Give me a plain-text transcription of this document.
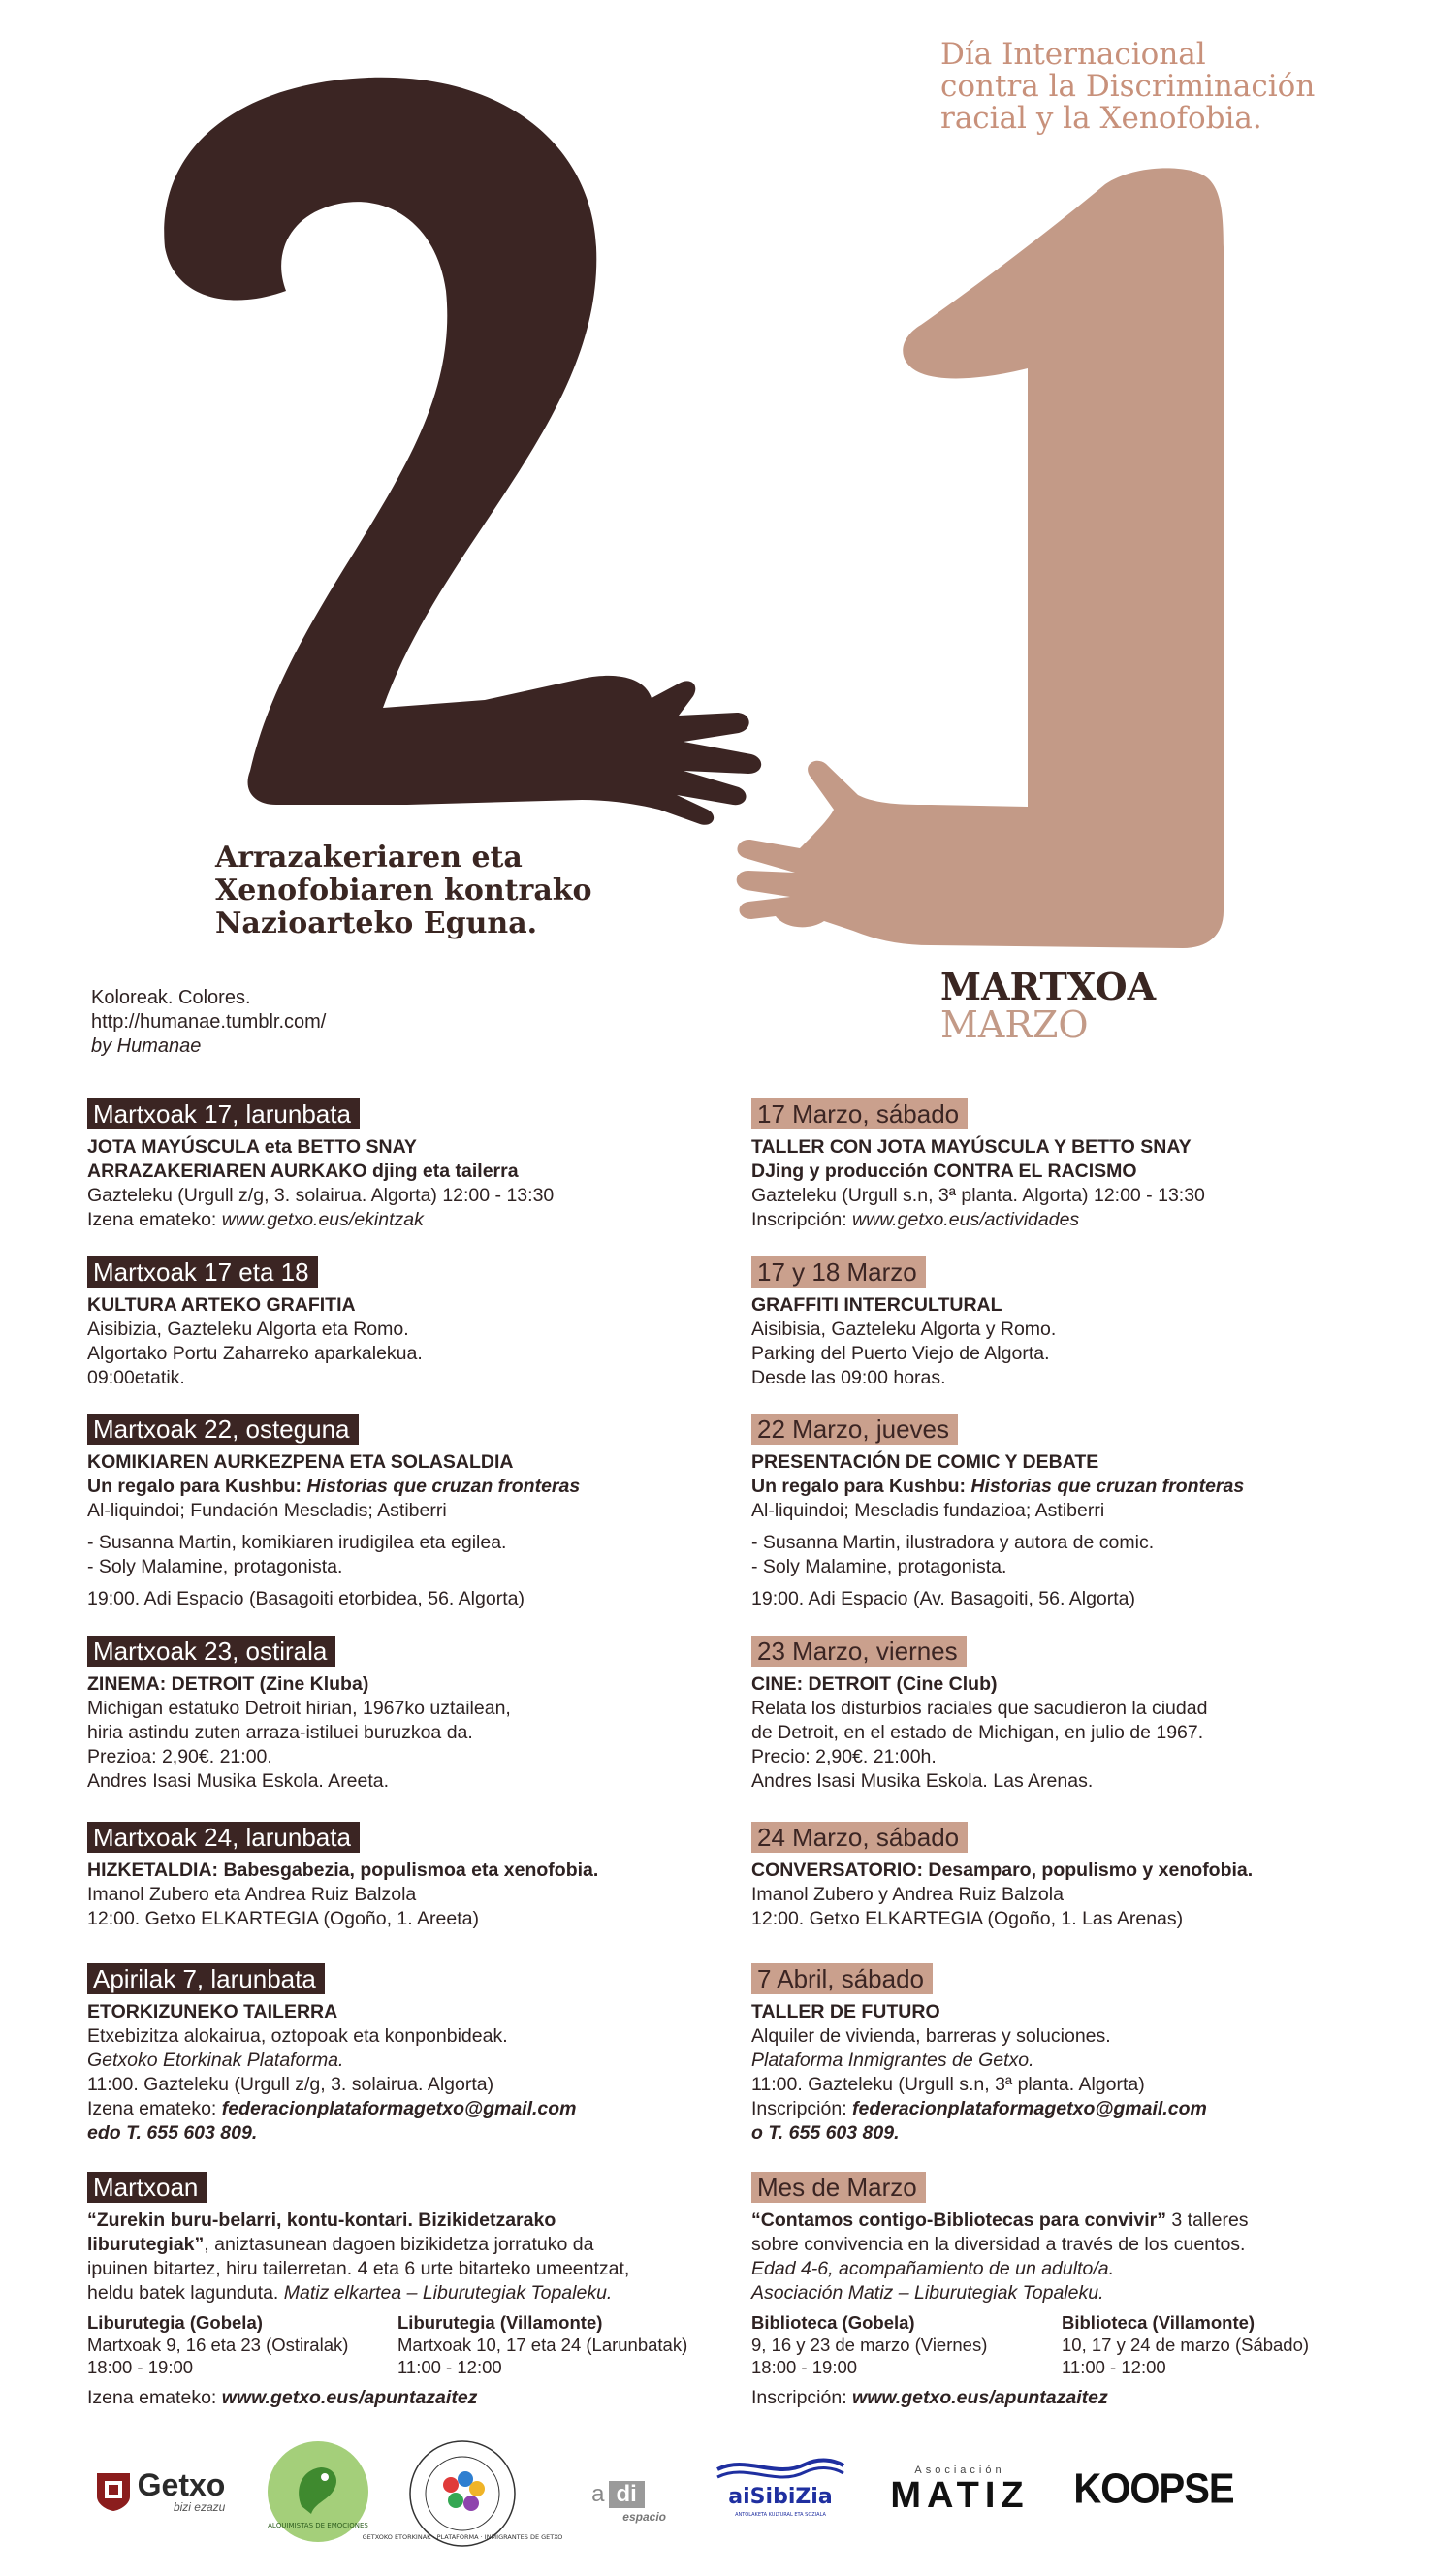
Día Internacional
contra la Discriminación
racial y la Xenofobia.
Arrazakeriaren eta
Xenofobiaren kontrako
Nazioarteko Eguna.
Koloreak. Colores.
http://humanae.tumblr.com/
by Humanae
MARTXOA
MARZO
Martxoak 17, larunbata
JOTA MAYÚSCULA eta BETTO SNAY
ARRAZAKERIAREN AURKAKO djing eta tailerra
Gazteleku (Urgull z/g, 3. solairua. Algorta) 12:00 - 13:30
Izena emateko: www.getxo.eus/ekintzak
Martxoak 17 eta 18
KULTURA ARTEKO GRAFITIA
Aisibizia, Gazteleku Algorta eta Romo.
Algortako Portu Zaharreko aparkalekua.
09:00etatik.
Martxoak 22, osteguna
KOMIKIAREN AURKEZPENA ETA SOLASALDIA
Un regalo para Kushbu: Historias que cruzan fronteras
Al-liquindoi; Fundación Mescladis; Astiberri
- Susanna Martin, komikiaren irudigilea eta egilea.
- Soly Malamine, protagonista.
19:00. Adi Espacio (Basagoiti etorbidea, 56. Algorta)
Martxoak 23, ostirala
ZINEMA: DETROIT (Zine Kluba)
Michigan estatuko Detroit hirian, 1967ko uztailean,
hiria astindu zuten arraza-istiluei buruzkoa da.
Prezioa: 2,90€. 21:00.
Andres Isasi Musika Eskola. Areeta.
Martxoak 24, larunbata
HIZKETALDIA: Babesgabezia, populismoa eta xenofobia.
Imanol Zubero eta Andrea Ruiz Balzola
12:00. Getxo ELKARTEGIA (Ogoño, 1. Areeta)
Apirilak 7, larunbata
ETORKIZUNEKO TAILERRA
Etxebizitza alokairua, oztopoak eta konponbideak.
Getxoko Etorkinak Plataforma.
11:00. Gazteleku (Urgull z/g, 3. solairua. Algorta)
Izena emateko: federacionplataformagetxo@gmail.com
edo T. 655 603 809.
Martxoan
“Zurekin buru-belarri, kontu-kontari. Bizikidetzarako
liburutegiak”, aniztasunean dagoen bizikidetza jorratuko da
ipuinen bitartez, hiru tailerretan. 4 eta 6 urte bitarteko umeentzat,
heldu batek lagunduta. Matiz elkartea – Liburutegiak Topaleku.
Liburutegia (Gobela)
Martxoak 9, 16 eta 23 (Ostiralak)
18:00 - 19:00
Liburutegia (Villamonte)
Martxoak 10, 17 eta 24 (Larunbatak)
11:00 - 12:00
Izena emateko: www.getxo.eus/apuntazaitez
17 Marzo, sábado
TALLER CON JOTA MAYÚSCULA Y BETTO SNAY
DJing y producción CONTRA EL RACISMO
Gazteleku (Urgull s.n, 3ª planta. Algorta) 12:00 - 13:30
Inscripción: www.getxo.eus/actividades
17 y 18 Marzo
GRAFFITI INTERCULTURAL
Aisibisia, Gazteleku Algorta y Romo.
Parking del Puerto Viejo de Algorta.
Desde las 09:00 horas.
22 Marzo, jueves
PRESENTACIÓN DE COMIC Y DEBATE
Un regalo para Kushbu: Historias que cruzan fronteras
Al-liquindoi; Mescladis fundazioa; Astiberri
- Susanna Martin, ilustradora y autora de comic.
- Soly Malamine, protagonista.
19:00. Adi Espacio (Av. Basagoiti, 56. Algorta)
23 Marzo, viernes
CINE: DETROIT (Cine Club)
Relata los disturbios raciales que sacudieron la ciudad
de Detroit, en el estado de Michigan, en julio de 1967.
Precio: 2,90€. 21:00h.
Andres Isasi Musika Eskola. Las Arenas.
24 Marzo, sábado
CONVERSATORIO: Desamparo, populismo y xenofobia.
Imanol Zubero y Andrea Ruiz Balzola
12:00. Getxo ELKARTEGIA (Ogoño, 1. Las Arenas)
7 Abril, sábado
TALLER DE FUTURO
Alquiler de vivienda, barreras y soluciones.
Plataforma Inmigrantes de Getxo.
11:00. Gazteleku (Urgull s.n, 3ª planta. Algorta)
Inscripción: federacionplataformagetxo@gmail.com
o T. 655 603 809.
Mes de Marzo
“Contamos contigo-Bibliotecas para convivir” 3 talleres
sobre convivencia en la diversidad a través de los cuentos.
Edad 4-6, acompañamiento de un adulto/a.
Asociación Matiz – Liburutegiak Topaleku.
Biblioteca (Gobela)
9, 16 y 23 de marzo (Viernes)
18:00 - 19:00
Biblioteca (Villamonte)
10, 17 y 24 de marzo (Sábado)
11:00 - 12:00
Inscripción: www.getxo.eus/apuntazaitez
Getxo
bizi ezazu
ALQUIMISTAS DE EMOCIONES
GETXOKO ETORKINAK · PLATAFORMA · INMIGRANTES DE GETXO
a di
espacio
aiSibiZia
ANTOLAKETA KULTURAL ETA SOZIALA
Asociación
MATIZ KOOPSE
